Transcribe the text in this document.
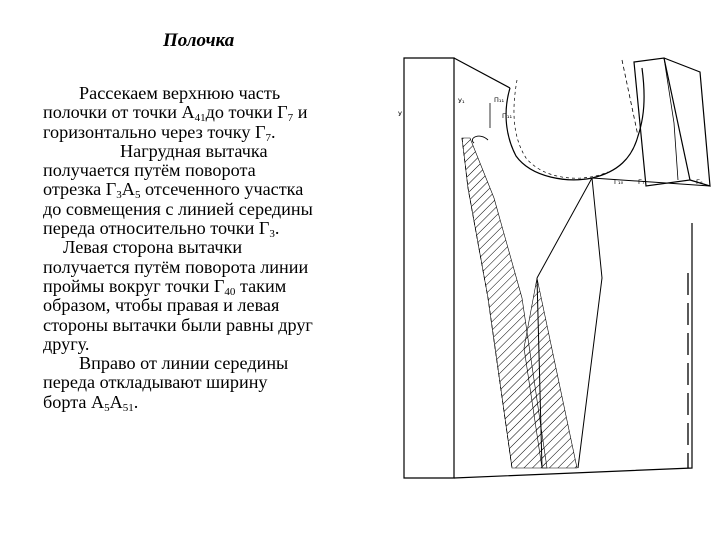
Полочка

Рассекаем верхнюю часть
полочки от точки $А_{41}до$ точки $Г_7$ и
горизонтально через точку $Г_7$.

Нагрудная вытачка
получается путём поворота
отрезка $Г_3А_5$ отсеченного участка
до совмещения с линией середины
переда относительно точки $Г_3$.

Левая сторона вытачки
получается путём поворота линии
проймы вокруг точки $Г_{40}$ таким
образом, чтобы правая и левая
стороны вытачки были равны друг
другу.

Вправо от линии середины
переда откладывают ширину
борта $А_5А_{51}$.

У₁	П₁₁
П₁₁
У
Г₁₀ Г₇	Г₆
